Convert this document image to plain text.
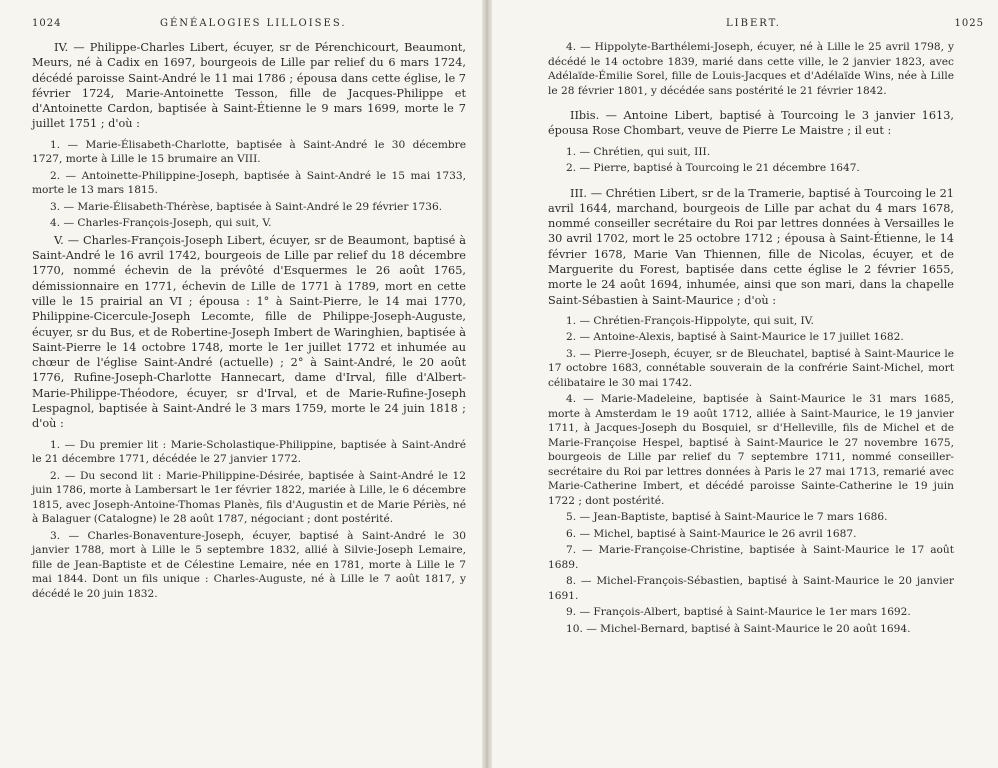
1024	GÉNÉALOGIES LILLOISES.

IV. — Philippe-Charles Libert, écuyer, sr de Pérenchicourt, Beaumont, Meurs, né à Cadix en 1697, bourgeois de Lille par relief du 6 mars 1724, décédé paroisse Saint-André le 11 mai 1786 ; épousa dans cette église, le 7 février 1724, Marie-Antoinette Tesson, fille de Jacques-Philippe et d'Antoinette Cardon, baptisée à Saint-Étienne le 9 mars 1699, morte le 7 juillet 1751 ; d'où :

1. — Marie-Élisabeth-Charlotte, baptisée à Saint-André le 30 décembre 1727, morte à Lille le 15 brumaire an VIII.

2. — Antoinette-Philippine-Joseph, baptisée à Saint-André le 15 mai 1733, morte le 13 mars 1815.

3. — Marie-Élisabeth-Thérèse, baptisée à Saint-André le 29 février 1736.

4. — Charles-François-Joseph, qui suit, V.

V. — Charles-François-Joseph Libert, écuyer, sr de Beaumont, baptisé à Saint-André le 16 avril 1742, bourgeois de Lille par relief du 18 décembre 1770, nommé échevin de la prévôté d'Esquermes le 26 août 1765, démissionnaire en 1771, échevin de Lille de 1771 à 1789, mort en cette ville le 15 prairial an VI ; épousa : 1° à Saint-Pierre, le 14 mai 1770, Philippine-Cicercule-Joseph Lecomte, fille de Philippe-Joseph-Auguste, écuyer, sr du Bus, et de Robertine-Joseph Imbert de Waringhien, baptisée à Saint-Pierre le 14 octobre 1748, morte le 1er juillet 1772 et inhumée au chœur de l'église Saint-André (actuelle) ; 2° à Saint-André, le 20 août 1776, Rufine-Joseph-Charlotte Hannecart, dame d'Irval, fille d'Albert-Marie-Philippe-Théodore, écuyer, sr d'Irval, et de Marie-Rufine-Joseph Lespagnol, baptisée à Saint-André le 3 mars 1759, morte le 24 juin 1818 ; d'où :

1. — Du premier lit : Marie-Scholastique-Philippine, baptisée à Saint-André le 21 décembre 1771, décédée le 27 janvier 1772.

2. — Du second lit : Marie-Philippine-Désirée, baptisée à Saint-André le 12 juin 1786, morte à Lambersart le 1er février 1822, mariée à Lille, le 6 décembre 1815, avec Joseph-Antoine-Thomas Planès, fils d'Augustin et de Marie Périès, né à Balaguer (Catalogne) le 28 août 1787, négociant ; dont postérité.

3. — Charles-Bonaventure-Joseph, écuyer, baptisé à Saint-André le 30 janvier 1788, mort à Lille le 5 septembre 1832, allié à Silvie-Joseph Lemaire, fille de Jean-Baptiste et de Célestine Lemaire, née en 1781, morte à Lille le 7 mai 1844. Dont un fils unique : Charles-Auguste, né à Lille le 7 août 1817, y décédé le 20 juin 1832.

LIBERT.	1025

4. — Hippolyte-Barthélemi-Joseph, écuyer, né à Lille le 25 avril 1798, y décédé le 14 octobre 1839, marié dans cette ville, le 2 janvier 1823, avec Adélaïde-Émilie Sorel, fille de Louis-Jacques et d'Adélaïde Wins, née à Lille le 28 février 1801, y décédée sans postérité le 21 février 1842.

IIbis. — Antoine Libert, baptisé à Tourcoing le 3 janvier 1613, épousa Rose Chombart, veuve de Pierre Le Maistre ; il eut :

1. — Chrétien, qui suit, III.

2. — Pierre, baptisé à Tourcoing le 21 décembre 1647.

III. — Chrétien Libert, sr de la Tramerie, baptisé à Tourcoing le 21 avril 1644, marchand, bourgeois de Lille par achat du 4 mars 1678, nommé conseiller secrétaire du Roi par lettres données à Versailles le 30 avril 1702, mort le 25 octobre 1712 ; épousa à Saint-Étienne, le 14 février 1678, Marie Van Thiennen, fille de Nicolas, écuyer, et de Marguerite du Forest, baptisée dans cette église le 2 février 1655, morte le 24 août 1694, inhumée, ainsi que son mari, dans la chapelle Saint-Sébastien à Saint-Maurice ; d'où :

1. — Chrétien-François-Hippolyte, qui suit, IV.

2. — Antoine-Alexis, baptisé à Saint-Maurice le 17 juillet 1682.

3. — Pierre-Joseph, écuyer, sr de Bleuchatel, baptisé à Saint-Maurice le 17 octobre 1683, connétable souverain de la confrérie Saint-Michel, mort célibataire le 30 mai 1742.

4. — Marie-Madeleine, baptisée à Saint-Maurice le 31 mars 1685, morte à Amsterdam le 19 août 1712, alliée à Saint-Maurice, le 19 janvier 1711, à Jacques-Joseph du Bosquiel, sr d'Helleville, fils de Michel et de Marie-Françoise Hespel, baptisé à Saint-Maurice le 27 novembre 1675, bourgeois de Lille par relief du 7 septembre 1711, nommé conseiller-secrétaire du Roi par lettres données à Paris le 27 mai 1713, remarié avec Marie-Catherine Imbert, et décédé paroisse Sainte-Catherine le 19 juin 1722 ; dont postérité.

5. — Jean-Baptiste, baptisé à Saint-Maurice le 7 mars 1686.

6. — Michel, baptisé à Saint-Maurice le 26 avril 1687.

7. — Marie-Françoise-Christine, baptisée à Saint-Maurice le 17 août 1689.

8. — Michel-François-Sébastien, baptisé à Saint-Maurice le 20 janvier 1691.

9. — François-Albert, baptisé à Saint-Maurice le 1er mars 1692.

10. — Michel-Bernard, baptisé à Saint-Maurice le 20 août 1694.
